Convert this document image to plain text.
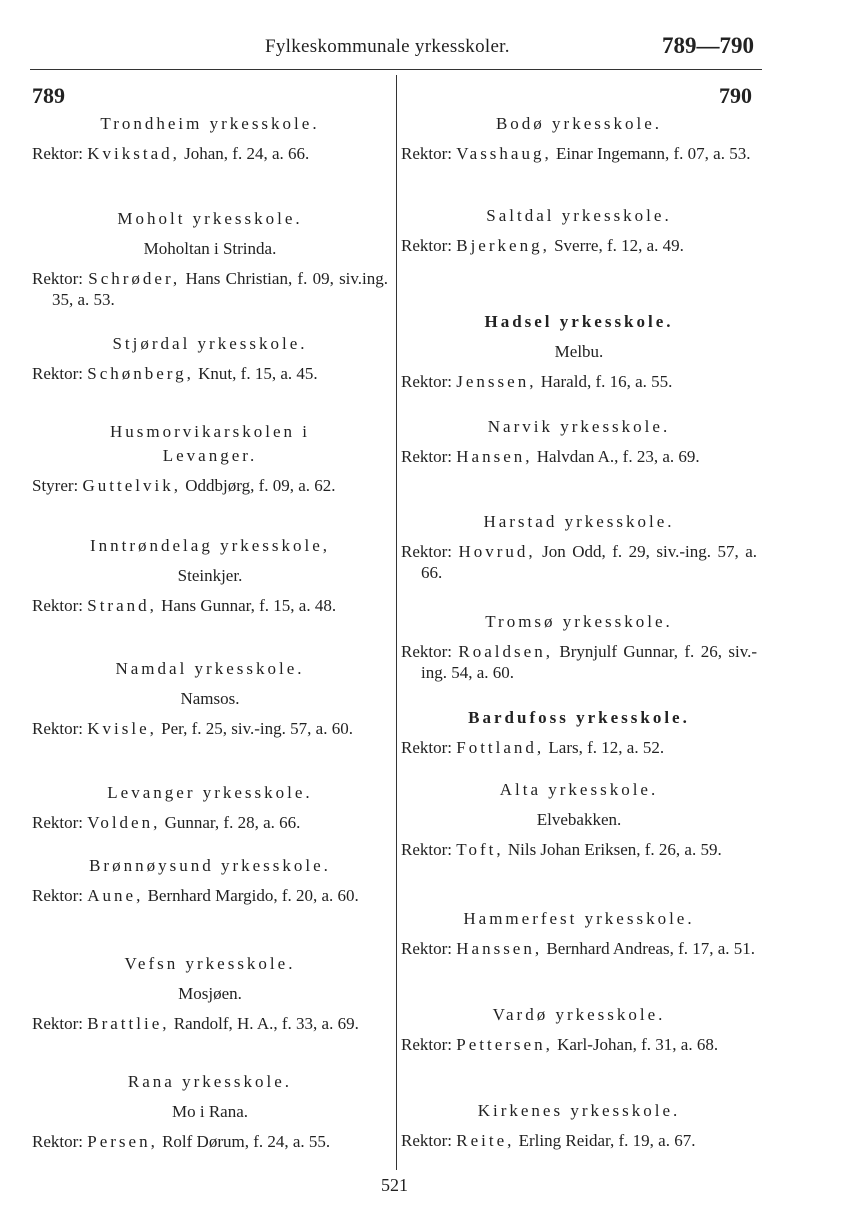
Fylkeskommunale yrkesskoler.	789—790
789	790
Trondheim yrkesskole.
Rektor: Kvikstad, Johan, f. 24, a. 66.
Moholt yrkesskole.
Moholtan i Strinda.
Rektor: Schrøder, Hans Christian, f. 09, siv.ing. 35, a. 53.
Stjørdal yrkesskole.
Rektor: Schønberg, Knut, f. 15, a. 45.
Husmorvikarskolen i Levanger.
Styrer: Guttelvik, Oddbjørg, f. 09, a. 62.
Inntrøndelag yrkesskole,
Steinkjer.
Rektor: Strand, Hans Gunnar, f. 15, a. 48.
Namdal yrkesskole.
Namsos.
Rektor: Kvisle, Per, f. 25, siv.-ing. 57, a. 60.
Levanger yrkesskole.
Rektor: Volden, Gunnar, f. 28, a. 66.
Brønnøysund yrkesskole.
Rektor: Aune, Bernhard Margido, f. 20, a. 60.
Vefsn yrkesskole.
Mosjøen.
Rektor: Brattlie, Randolf, H. A., f. 33, a. 69.
Rana yrkesskole.
Mo i Rana.
Rektor: Persen, Rolf Dørum, f. 24, a. 55.
Bodø yrkesskole.
Rektor: Vasshaug, Einar Ingemann, f. 07, a. 53.
Saltdal yrkesskole.
Rektor: Bjerkeng, Sverre, f. 12, a. 49.
Hadsel yrkesskole.
Melbu.
Rektor: Jenssen, Harald, f. 16, a. 55.
Narvik yrkesskole.
Rektor: Hansen, Halvdan A., f. 23, a. 69.
Harstad yrkesskole.
Rektor: Hovrud, Jon Odd, f. 29, siv.-ing. 57, a. 66.
Tromsø yrkesskole.
Rektor: Roaldsen, Brynjulf Gunnar, f. 26, siv.-ing. 54, a. 60.
Bardufoss yrkesskole.
Rektor: Fottland, Lars, f. 12, a. 52.
Alta yrkesskole.
Elvebakken.
Rektor: Toft, Nils Johan Eriksen, f. 26, a. 59.
Hammerfest yrkesskole.
Rektor: Hanssen, Bernhard Andreas, f. 17, a. 51.
Vardø yrkesskole.
Rektor: Pettersen, Karl-Johan, f. 31, a. 68.
Kirkenes yrkesskole.
Rektor: Reite, Erling Reidar, f. 19, a. 67.
521
